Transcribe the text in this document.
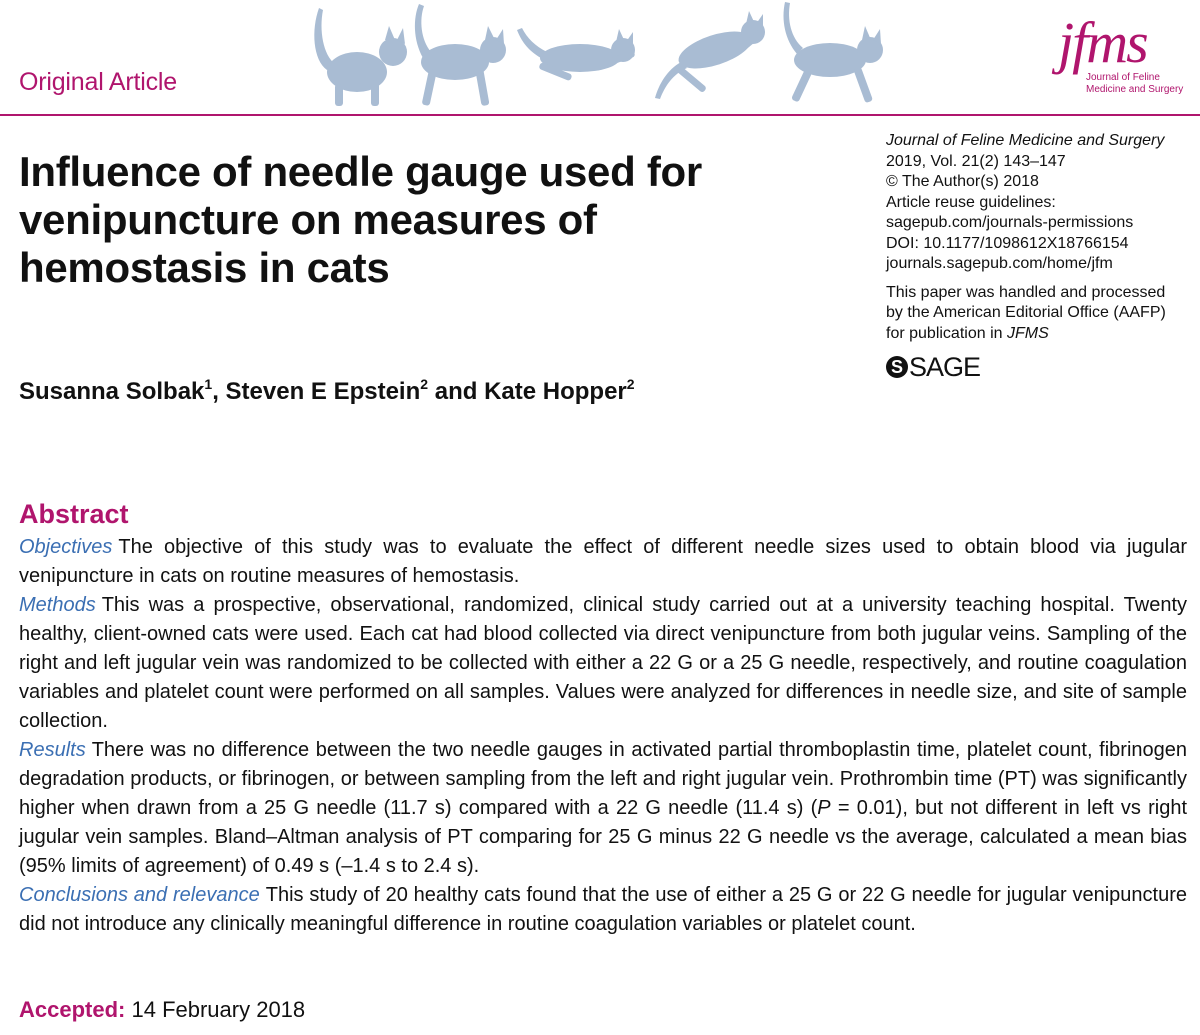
Original Article
jfms
Journal of Feline
Medicine and Surgery
Influence of needle gauge used for venipuncture on measures of hemostasis in cats
Journal of Feline Medicine and Surgery
2019, Vol. 21(2) 143–147
© The Author(s) 2018
Article reuse guidelines:
sagepub.com/journals-permissions
DOI: 10.1177/1098612X18766154
journals.sagepub.com/home/jfm
This paper was handled and processed
by the American Editorial Office (AAFP)
for publication in JFMS
S SAGE
Susanna Solbak$^1$, Steven E Epstein$^2$ and Kate Hopper$^2$
Abstract

Objectives The objective of this study was to evaluate the effect of different needle sizes used to obtain blood via jugular venipuncture in cats on routine measures of hemostasis.

Methods This was a prospective, observational, randomized, clinical study carried out at a university teaching hospital. Twenty healthy, client-owned cats were used. Each cat had blood collected via direct venipuncture from both jugular veins. Sampling of the right and left jugular vein was randomized to be collected with either a 22 G or a 25 G needle, respectively, and routine coagulation variables and platelet count were performed on all samples. Values were analyzed for differences in needle size, and site of sample collection.

Results There was no difference between the two needle gauges in activated partial thromboplastin time, platelet count, fibrinogen degradation products, or fibrinogen, or between sampling from the left and right jugular vein. Prothrombin time (PT) was significantly higher when drawn from a 25 G needle (11.7 s) compared with a 22 G needle (11.4 s) (P = 0.01), but not different in left vs right jugular vein samples. Bland–Altman analysis of PT comparing for 25 G minus 22 G needle vs the average, calculated a mean bias (95% limits of agreement) of 0.49 s (–1.4 s to 2.4 s).

Conclusions and relevance This study of 20 healthy cats found that the use of either a 25 G or 22 G needle for jugular venipuncture did not introduce any clinically meaningful difference in routine coagulation variables or platelet count.

Accepted: 14 February 2018
